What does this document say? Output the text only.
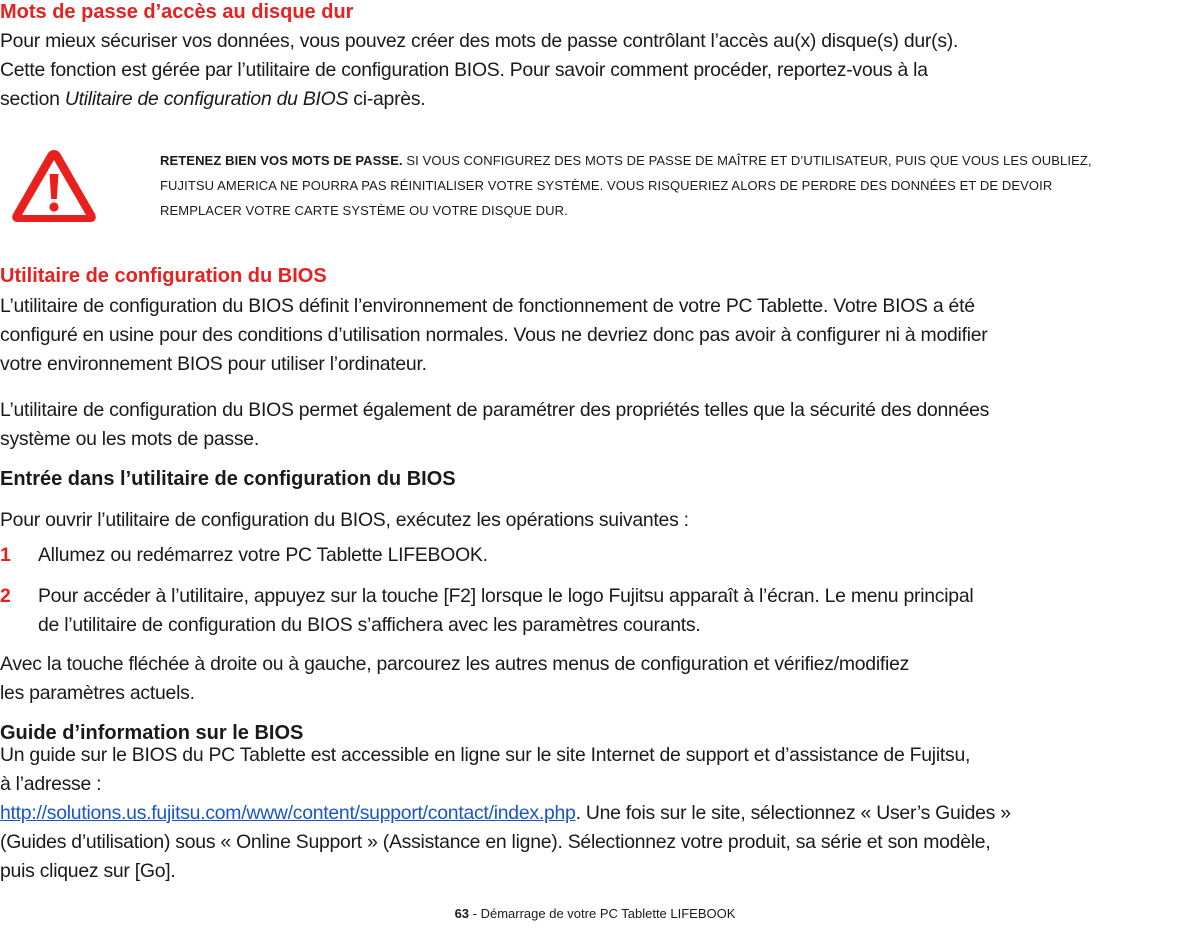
Mots de passe d’accès au disque dur
Pour mieux sécuriser vos données, vous pouvez créer des mots de passe contrôlant l’accès au(x) disque(s) dur(s).
Cette fonction est gérée par l’utilitaire de configuration BIOS. Pour savoir comment procéder, reportez-vous à la
section Utilitaire de configuration du BIOS ci-après.
RETENEZ BIEN VOS MOTS DE PASSE. SI VOUS CONFIGUREZ DES MOTS DE PASSE DE MAÎTRE ET D’UTILISATEUR, PUIS QUE VOUS LES OUBLIEZ,
FUJITSU AMERICA NE POURRA PAS RÉINITIALISER VOTRE SYSTÈME. VOUS RISQUERIEZ ALORS DE PERDRE DES DONNÉES ET DE DEVOIR
REMPLACER VOTRE CARTE SYSTÈME OU VOTRE DISQUE DUR.
Utilitaire de configuration du BIOS
L’utilitaire de configuration du BIOS définit l’environnement de fonctionnement de votre PC Tablette. Votre BIOS a été
configuré en usine pour des conditions d’utilisation normales. Vous ne devriez donc pas avoir à configurer ni à modifier
votre environnement BIOS pour utiliser l’ordinateur.
L’utilitaire de configuration du BIOS permet également de paramétrer des propriétés telles que la sécurité des données
système ou les mots de passe.
Entrée dans l’utilitaire de configuration du BIOS
Pour ouvrir l’utilitaire de configuration du BIOS, exécutez les opérations suivantes :
1 Allumez ou redémarrez votre PC Tablette LIFEBOOK.
2 Pour accéder à l’utilitaire, appuyez sur la touche [F2] lorsque le logo Fujitsu apparaît à l’écran. Le menu principal
de l’utilitaire de configuration du BIOS s’affichera avec les paramètres courants.
Avec la touche fléchée à droite ou à gauche, parcourez les autres menus de configuration et vérifiez/modifiez
les paramètres actuels.
Guide d’information sur le BIOS
Un guide sur le BIOS du PC Tablette est accessible en ligne sur le site Internet de support et d’assistance de Fujitsu,
à l’adresse :
http://solutions.us.fujitsu.com/www/content/support/contact/index.php. Une fois sur le site, sélectionnez « User’s Guides »
(Guides d’utilisation) sous « Online Support » (Assistance en ligne). Sélectionnez votre produit, sa série et son modèle,
puis cliquez sur [Go].
63 - Démarrage de votre PC Tablette LIFEBOOK
